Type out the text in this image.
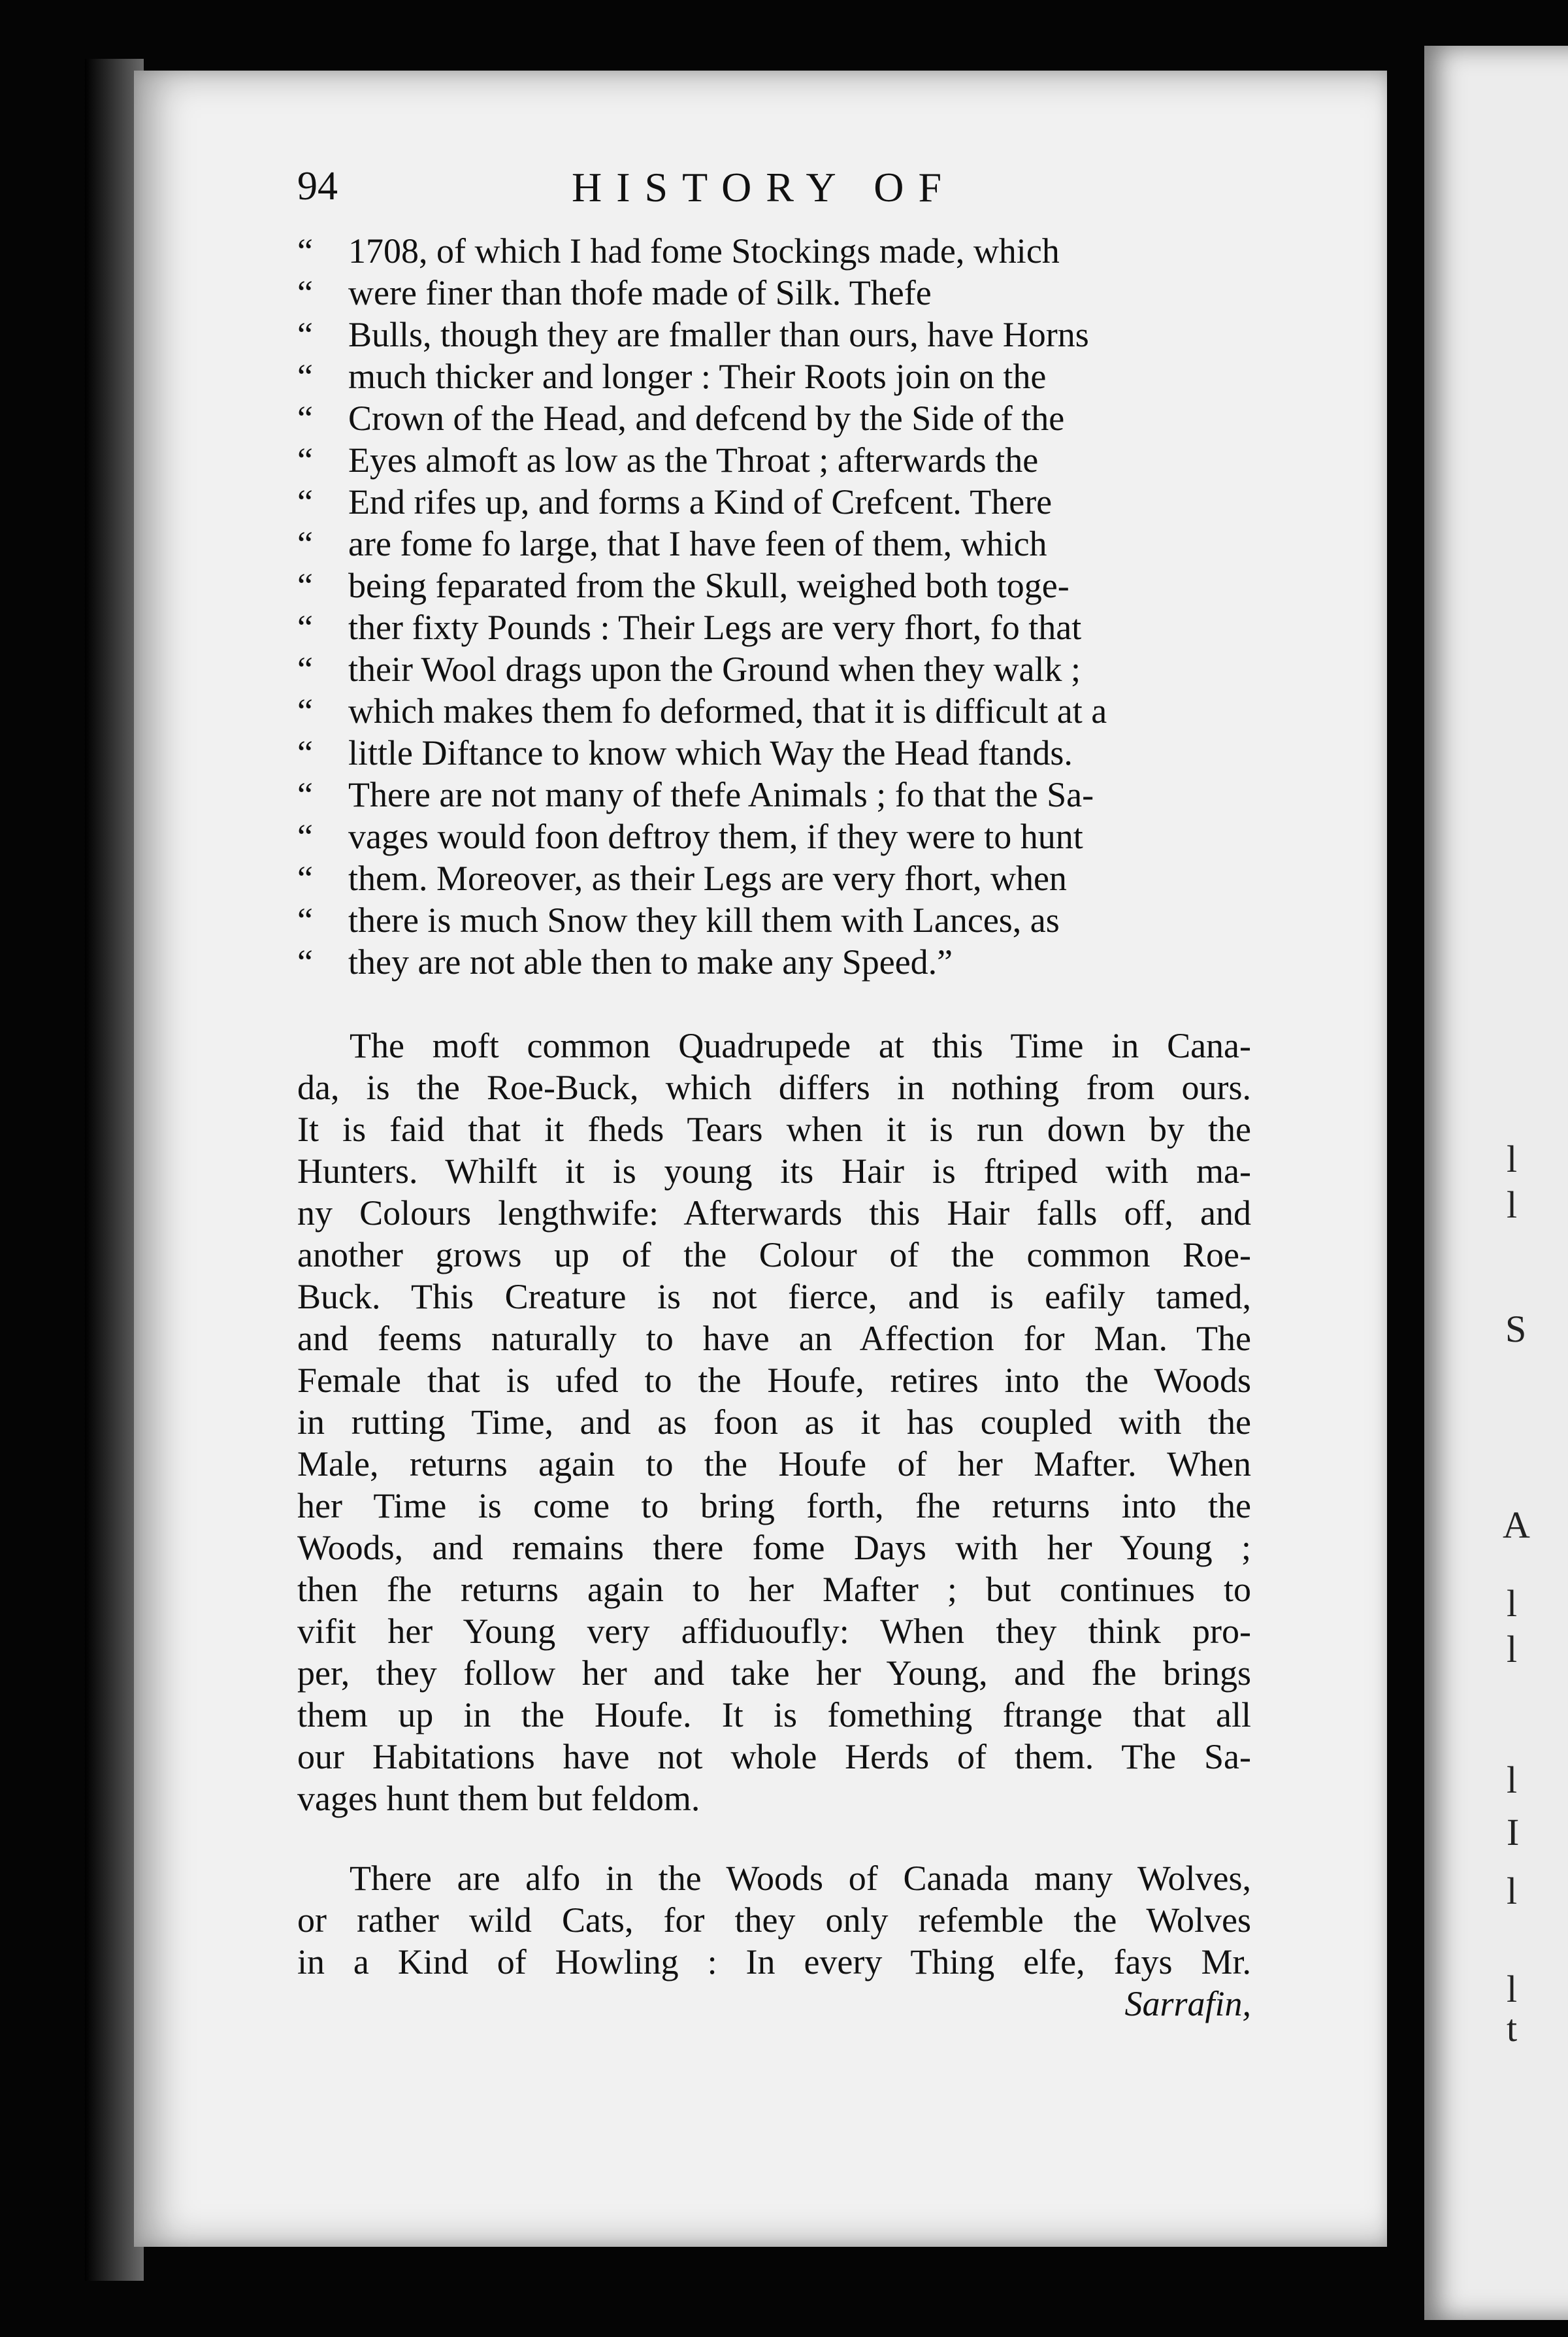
A
l
l
S
l
l
l
I
l
l
t
94	HISTORY OF
“ 1708, of which I had fome Stockings made, which
“ were finer than thofe made of Silk. Thefe
“ Bulls, though they are fmaller than ours, have Horns
“ much thicker and longer : Their Roots join on the
“ Crown of the Head, and defcend by the Side of the
“ Eyes almoft as low as the Throat ; afterwards the
“ End rifes up, and forms a Kind of Crefcent. There
“ are fome fo large, that I have feen of them, which
“ being feparated from the Skull, weighed both toge-
“ ther fixty Pounds : Their Legs are very fhort, fo that
“ their Wool drags upon the Ground when they walk ;
“ which makes them fo deformed, that it is difficult at a
“ little Diftance to know which Way the Head ftands.
“ There are not many of thefe Animals ; fo that the Sa-
“ vages would foon deftroy them, if they were to hunt
“ them. Moreover, as their Legs are very fhort, when
“ there is much Snow they kill them with Lances, as
“ they are not able then to make any Speed.”
The moft common Quadrupede at this Time in Cana-
da, is the Roe-Buck, which differs in nothing from ours.
It is faid that it fheds Tears when it is run down by the
Hunters. Whilft it is young its Hair is ftriped with ma-
ny Colours lengthwife: Afterwards this Hair falls off, and
another grows up of the Colour of the common Roe-
Buck. This Creature is not fierce, and is eafily tamed,
and feems naturally to have an Affection for Man. The
Female that is ufed to the Houfe, retires into the Woods
in rutting Time, and as foon as it has coupled with the
Male, returns again to the Houfe of her Mafter. When
her Time is come to bring forth, fhe returns into the
Woods, and remains there fome Days with her Young ;
then fhe returns again to her Mafter ; but continues to
vifit her Young very affiduoufly: When they think pro-
per, they follow her and take her Young, and fhe brings
them up in the Houfe. It is fomething ftrange that all
our Habitations have not whole Herds of them. The Sa-
vages hunt them but feldom.
There are alfo in the Woods of Canada many Wolves,
or rather wild Cats, for they only refemble the Wolves
in a Kind of Howling : In every Thing elfe, fays Mr.
Sarrafin,
